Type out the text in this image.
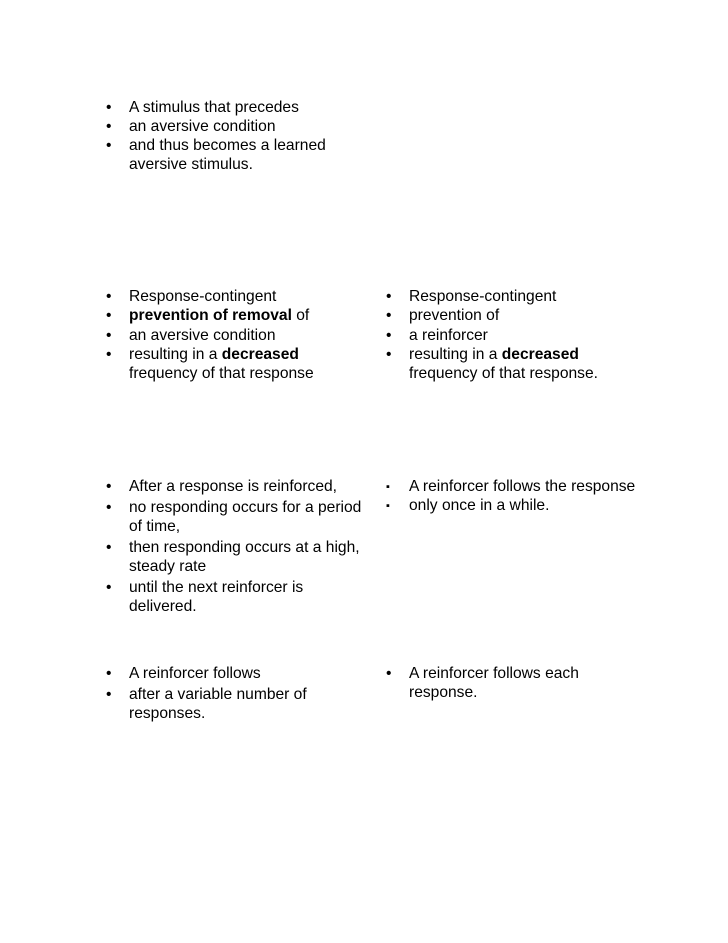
•	A stimulus that precedes
•	an aversive condition
•	and thus becomes a learned aversive stimulus.
•	Response-contingent
•	prevention of removal of
•	an aversive condition
•	resulting in a decreased frequency of that response
•	Response-contingent
•	prevention of
•	a reinforcer
•	resulting in a decreased frequency of that response.
•	After a response is reinforced,
•	no responding occurs for a period of time,
•	then responding occurs at a high, steady rate
•	until the next reinforcer is delivered.
▪	A reinforcer follows the response
▪	only once in a while.
•	A reinforcer follows
•	after a variable number of responses.
•	A reinforcer follows each response.
